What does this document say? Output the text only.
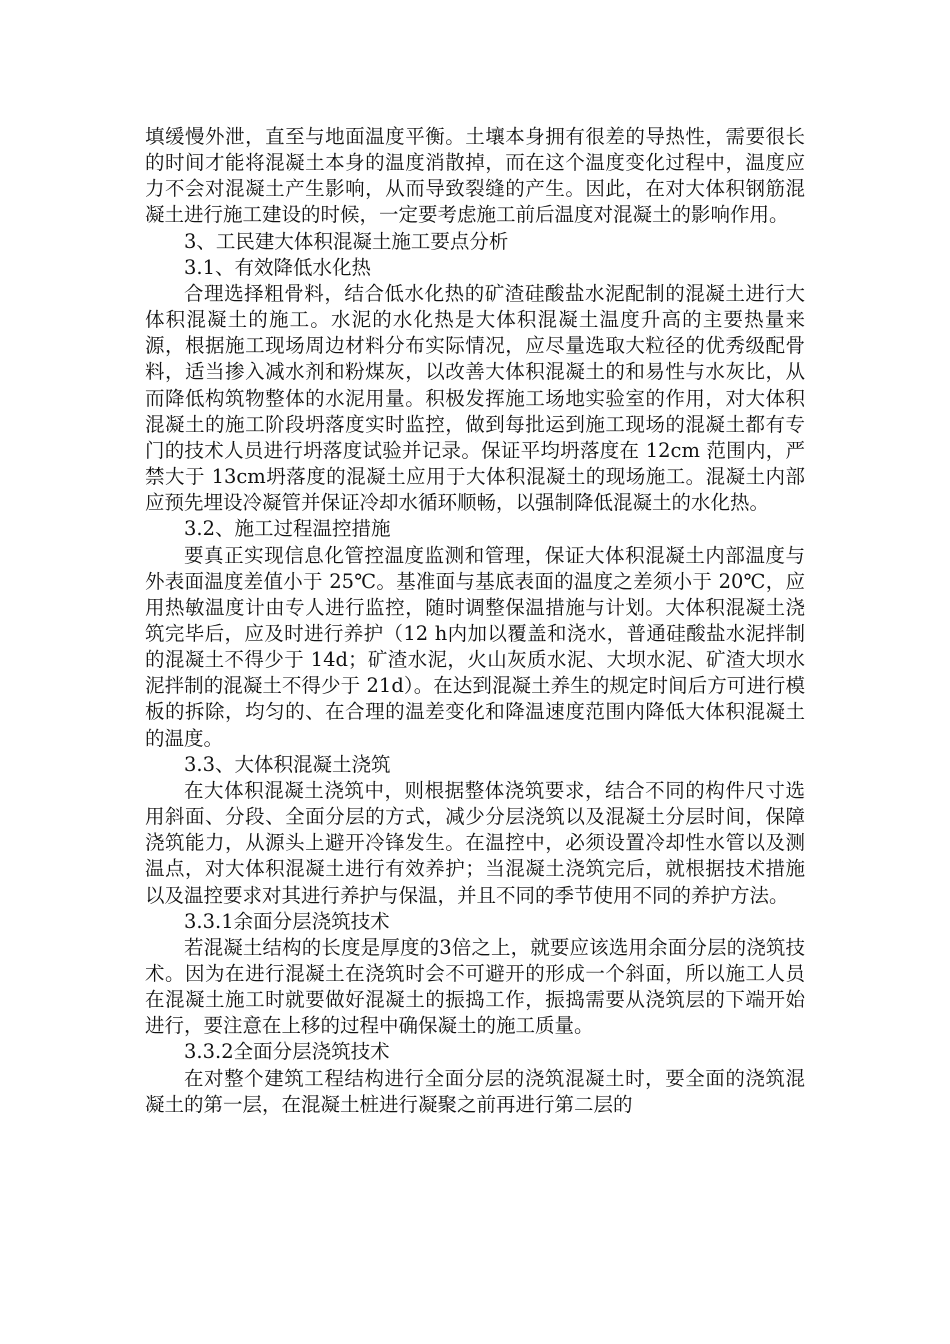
填缓慢外泄，直至与地面温度平衡。土壤本身拥有很差的导热性，需要很长的时间才能将混凝土本身的温度消散掉，而在这个温度变化过程中，温度应力不会对混凝土产生影响，从而导致裂缝的产生。因此，在对大体积钢筋混凝土进行施工建设的时候，一定要考虑施工前后温度对混凝土的影响作用。

3、工民建大体积混凝土施工要点分析

3.1、有效降低水化热

合理选择粗骨料，结合低水化热的矿渣硅酸盐水泥配制的混凝土进行大体积混凝土的施工。水泥的水化热是大体积混凝土温度升高的主要热量来源，根据施工现场周边材料分布实际情况，应尽量选取大粒径的优秀级配骨料，适当掺入减水剂和粉煤灰，以改善大体积混凝土的和易性与水灰比，从而降低构筑物整体的水泥用量。积极发挥施工场地实验室的作用，对大体积混凝土的施工阶段坍落度实时监控，做到每批运到施工现场的混凝土都有专门的技术人员进行坍落度试验并记录。保证平均坍落度在 12cm 范围内，严禁大于 13cm坍落度的混凝土应用于大体积混凝土的现场施工。混凝土内部应预先埋设冷凝管并保证冷却水循环顺畅，以强制降低混凝土的水化热。

3.2、施工过程温控措施

要真正实现信息化管控温度监测和管理，保证大体积混凝土内部温度与外表面温度差值小于 25℃。基准面与基底表面的温度之差须小于 20℃，应用热敏温度计由专人进行监控，随时调整保温措施与计划。大体积混凝土浇筑完毕后，应及时进行养护（12 h内加以覆盖和浇水，普通硅酸盐水泥拌制的混凝土不得少于 14d；矿渣水泥，火山灰质水泥、大坝水泥、矿渣大坝水泥拌制的混凝土不得少于 21d）。在达到混凝土养生的规定时间后方可进行模板的拆除，均匀的、在合理的温差变化和降温速度范围内降低大体积混凝土的温度。

3.3、大体积混凝土浇筑

在大体积混凝土浇筑中，则根据整体浇筑要求，结合不同的构件尺寸选用斜面、分段、全面分层的方式，减少分层浇筑以及混凝土分层时间，保障浇筑能力，从源头上避开冷锋发生。在温控中，必须设置冷却性水管以及测温点，对大体积混凝土进行有效养护；当混凝土浇筑完后，就根据技术措施以及温控要求对其进行养护与保温，并且不同的季节使用不同的养护方法。

3.3.1余面分层浇筑技术

若混凝土结构的长度是厚度的3倍之上，就要应该选用余面分层的浇筑技术。因为在进行混凝土在浇筑时会不可避开的形成一个斜面，所以施工人员在混凝土施工时就要做好混凝土的振捣工作，振捣需要从浇筑层的下端开始进行，要注意在上移的过程中确保凝土的施工质量。

3.3.2全面分层浇筑技术

在对整个建筑工程结构进行全面分层的浇筑混凝土时，要全面的浇筑混凝土的第一层，在混凝土桩进行凝聚之前再进行第二层的
